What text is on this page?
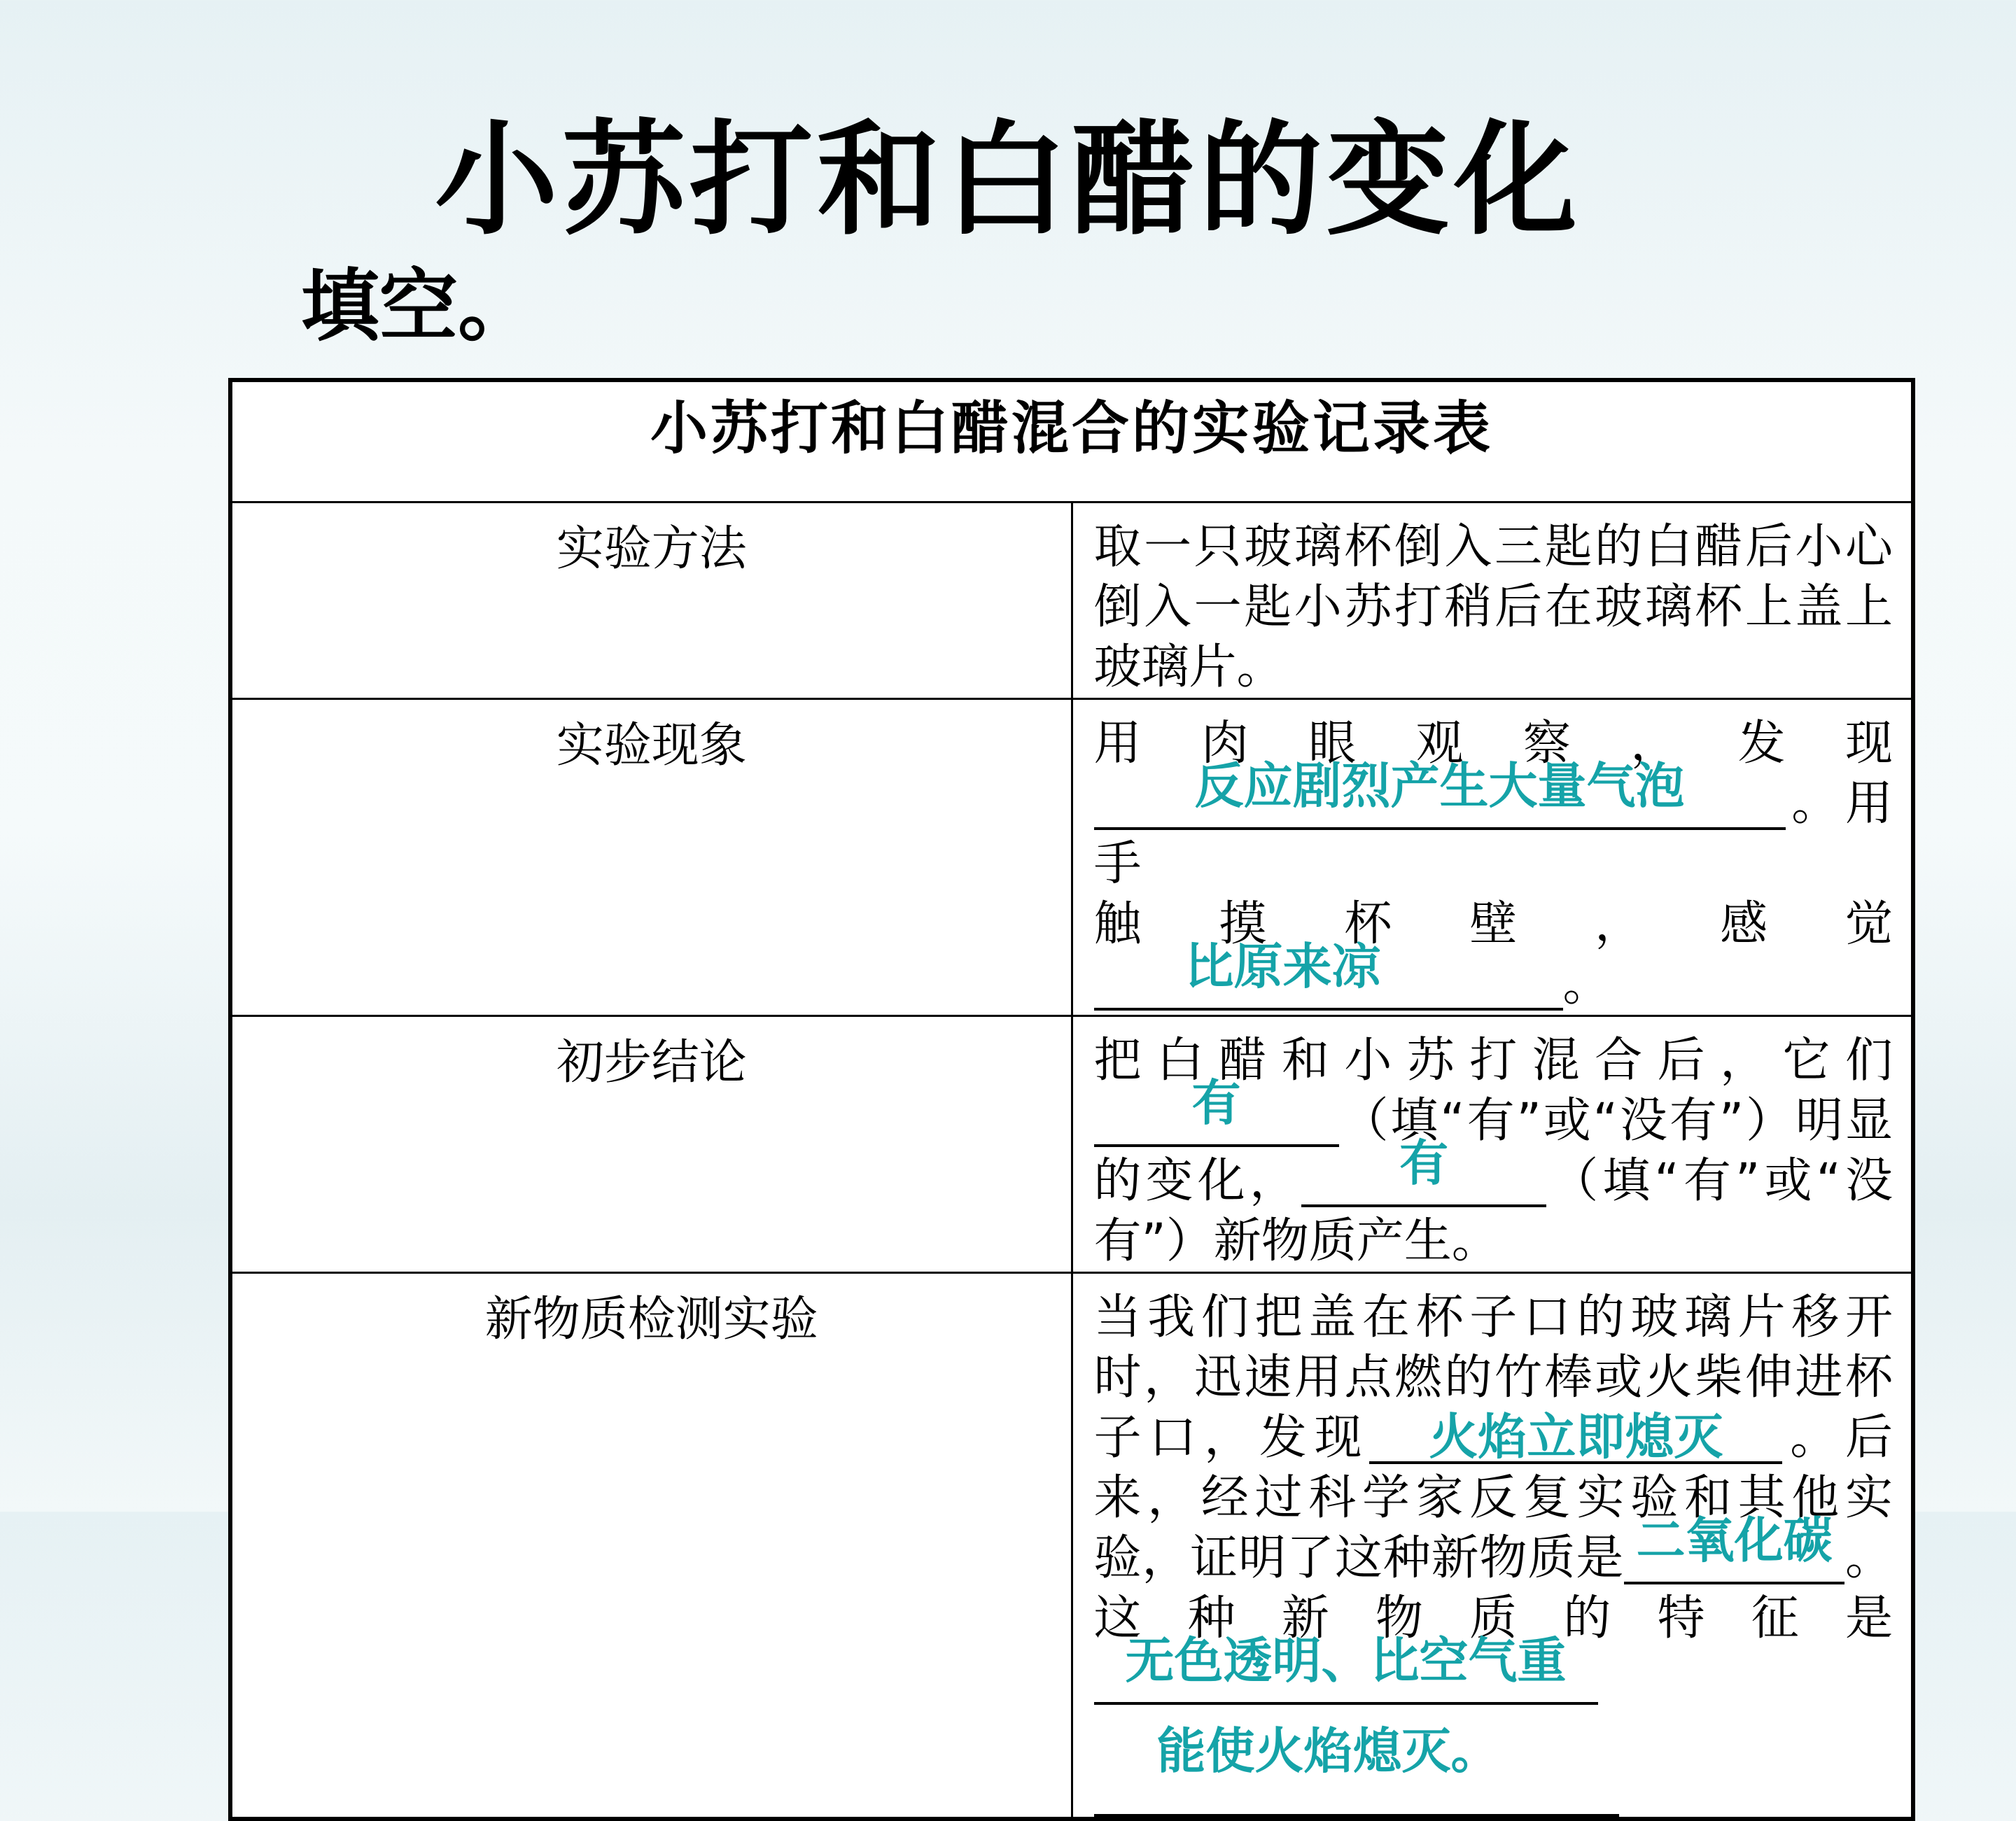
小苏打和白醋的变化
填空。
小苏打和白醋混合的实验记录表	
实验方法	取一只玻璃杯倒入三匙的白醋后小心倒入一匙小苏打稍后在玻璃杯上盖上玻璃片。
实验现象	用肉眼观察，发现反应剧烈产生大量气泡 。用手
触摸杯壁，感觉比原来凉 。
初步结论	把白醋和小苏打混合后，它们有 （填“有”或“没有”）明显的变化， 有 （填“有”或“没有”）新物质产生。
新物质检测实验	当我们把盖在杯子口的玻璃片移开时，迅速用点燃的竹棒或火柴伸进杯子口，发现 火焰立即熄灭 。后来，经过科学家反复实验和其他实验，证明了这种新物质是 二氧化碳 。这种新物质的特征是无色透明、比空气重
能使火焰熄灭。
